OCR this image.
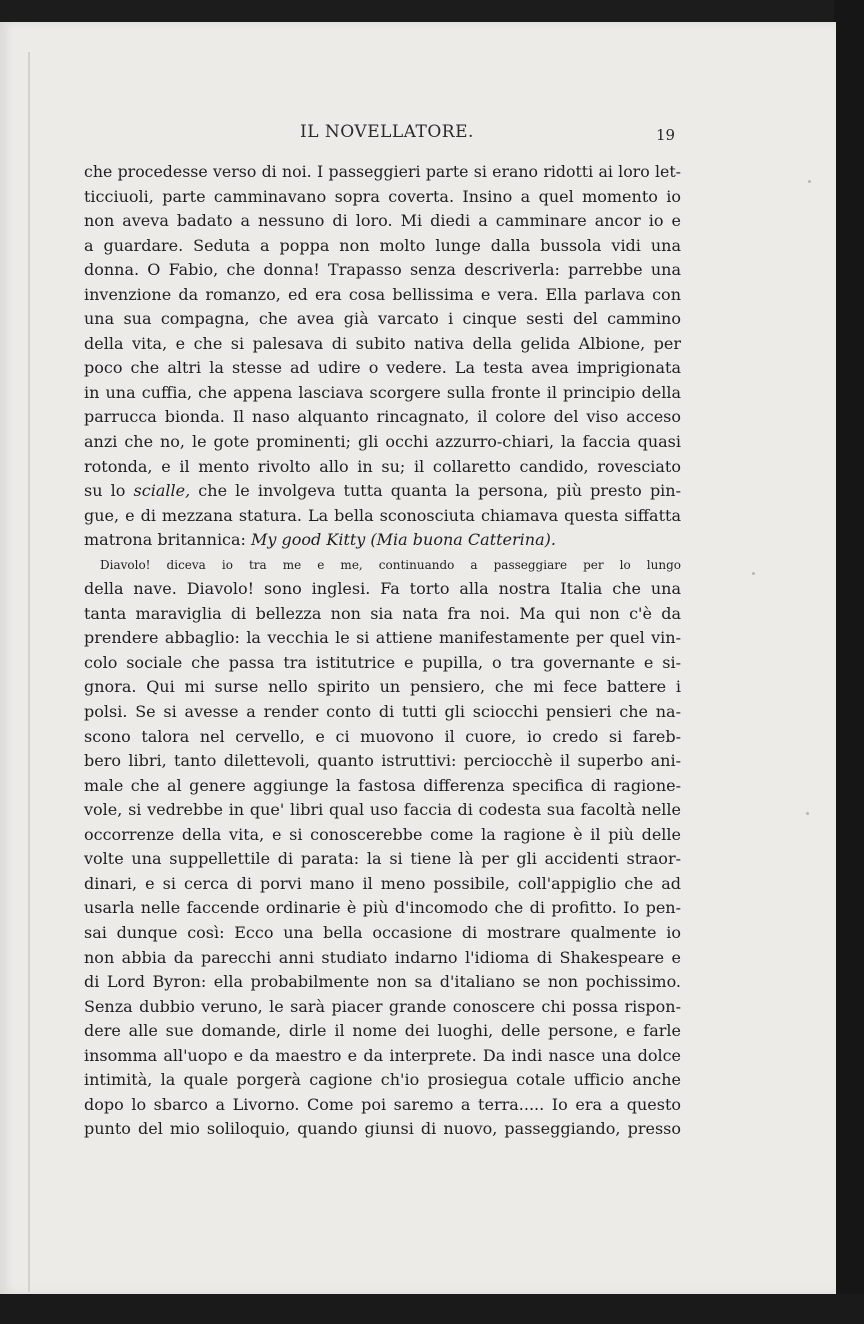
IL NOVELLATORE.	19
che procedesse verso di noi. I passeggieri parte si erano ridotti ai loro let-
ticciuoli, parte camminavano sopra coverta. Insino a quel momento io
non aveva badato a nessuno di loro. Mi diedi a camminare ancor io e
a guardare. Seduta a poppa non molto lunge dalla bussola vidi una
donna. O Fabio, che donna! Trapasso senza descriverla: parrebbe una
invenzione da romanzo, ed era cosa bellissima e vera. Ella parlava con
una sua compagna, che avea già varcato i cinque sesti del cammino
della vita, e che si palesava di subito nativa della gelida Albione, per
poco che altri la stesse ad udire o vedere. La testa avea imprigionata
in una cuffia, che appena lasciava scorgere sulla fronte il principio della
parrucca bionda. Il naso alquanto rincagnato, il colore del viso acceso
anzi che no, le gote prominenti; gli occhi azzurro-chiari, la faccia quasi
rotonda, e il mento rivolto allo in su; il collaretto candido, rovesciato
su lo scialle, che le involgeva tutta quanta la persona, più presto pin-
gue, e di mezzana statura. La bella sconosciuta chiamava questa siffatta
matrona britannica: My good Kitty (Mia buona Catterina).
Diavolo! diceva io tra me e me, continuando a passeggiare per lo lungo
della nave. Diavolo! sono inglesi. Fa torto alla nostra Italia che una
tanta maraviglia di bellezza non sia nata fra noi. Ma qui non c'è da
prendere abbaglio: la vecchia le si attiene manifestamente per quel vin-
colo sociale che passa tra istitutrice e pupilla, o tra governante e si-
gnora. Qui mi surse nello spirito un pensiero, che mi fece battere i
polsi. Se si avesse a render conto di tutti gli sciocchi pensieri che na-
scono talora nel cervello, e ci muovono il cuore, io credo si fareb-
bero libri, tanto dilettevoli, quanto istruttivi: perciocchè il superbo ani-
male che al genere aggiunge la fastosa differenza specifica di ragione-
vole, si vedrebbe in que' libri qual uso faccia di codesta sua facoltà nelle
occorrenze della vita, e si conoscerebbe come la ragione è il più delle
volte una suppellettile di parata: la si tiene là per gli accidenti straor-
dinari, e si cerca di porvi mano il meno possibile, coll'appiglio che ad
usarla nelle faccende ordinarie è più d'incomodo che di profitto. Io pen-
sai dunque così: Ecco una bella occasione di mostrare qualmente io
non abbia da parecchi anni studiato indarno l'idioma di Shakespeare e
di Lord Byron: ella probabilmente non sa d'italiano se non pochissimo.
Senza dubbio veruno, le sarà piacer grande conoscere chi possa rispon-
dere alle sue domande, dirle il nome dei luoghi, delle persone, e farle
insomma all'uopo e da maestro e da interprete. Da indi nasce una dolce
intimità, la quale porgerà cagione ch'io prosiegua cotale ufficio anche
dopo lo sbarco a Livorno. Come poi saremo a terra..... Io era a questo
punto del mio soliloquio, quando giunsi di nuovo, passeggiando, presso
